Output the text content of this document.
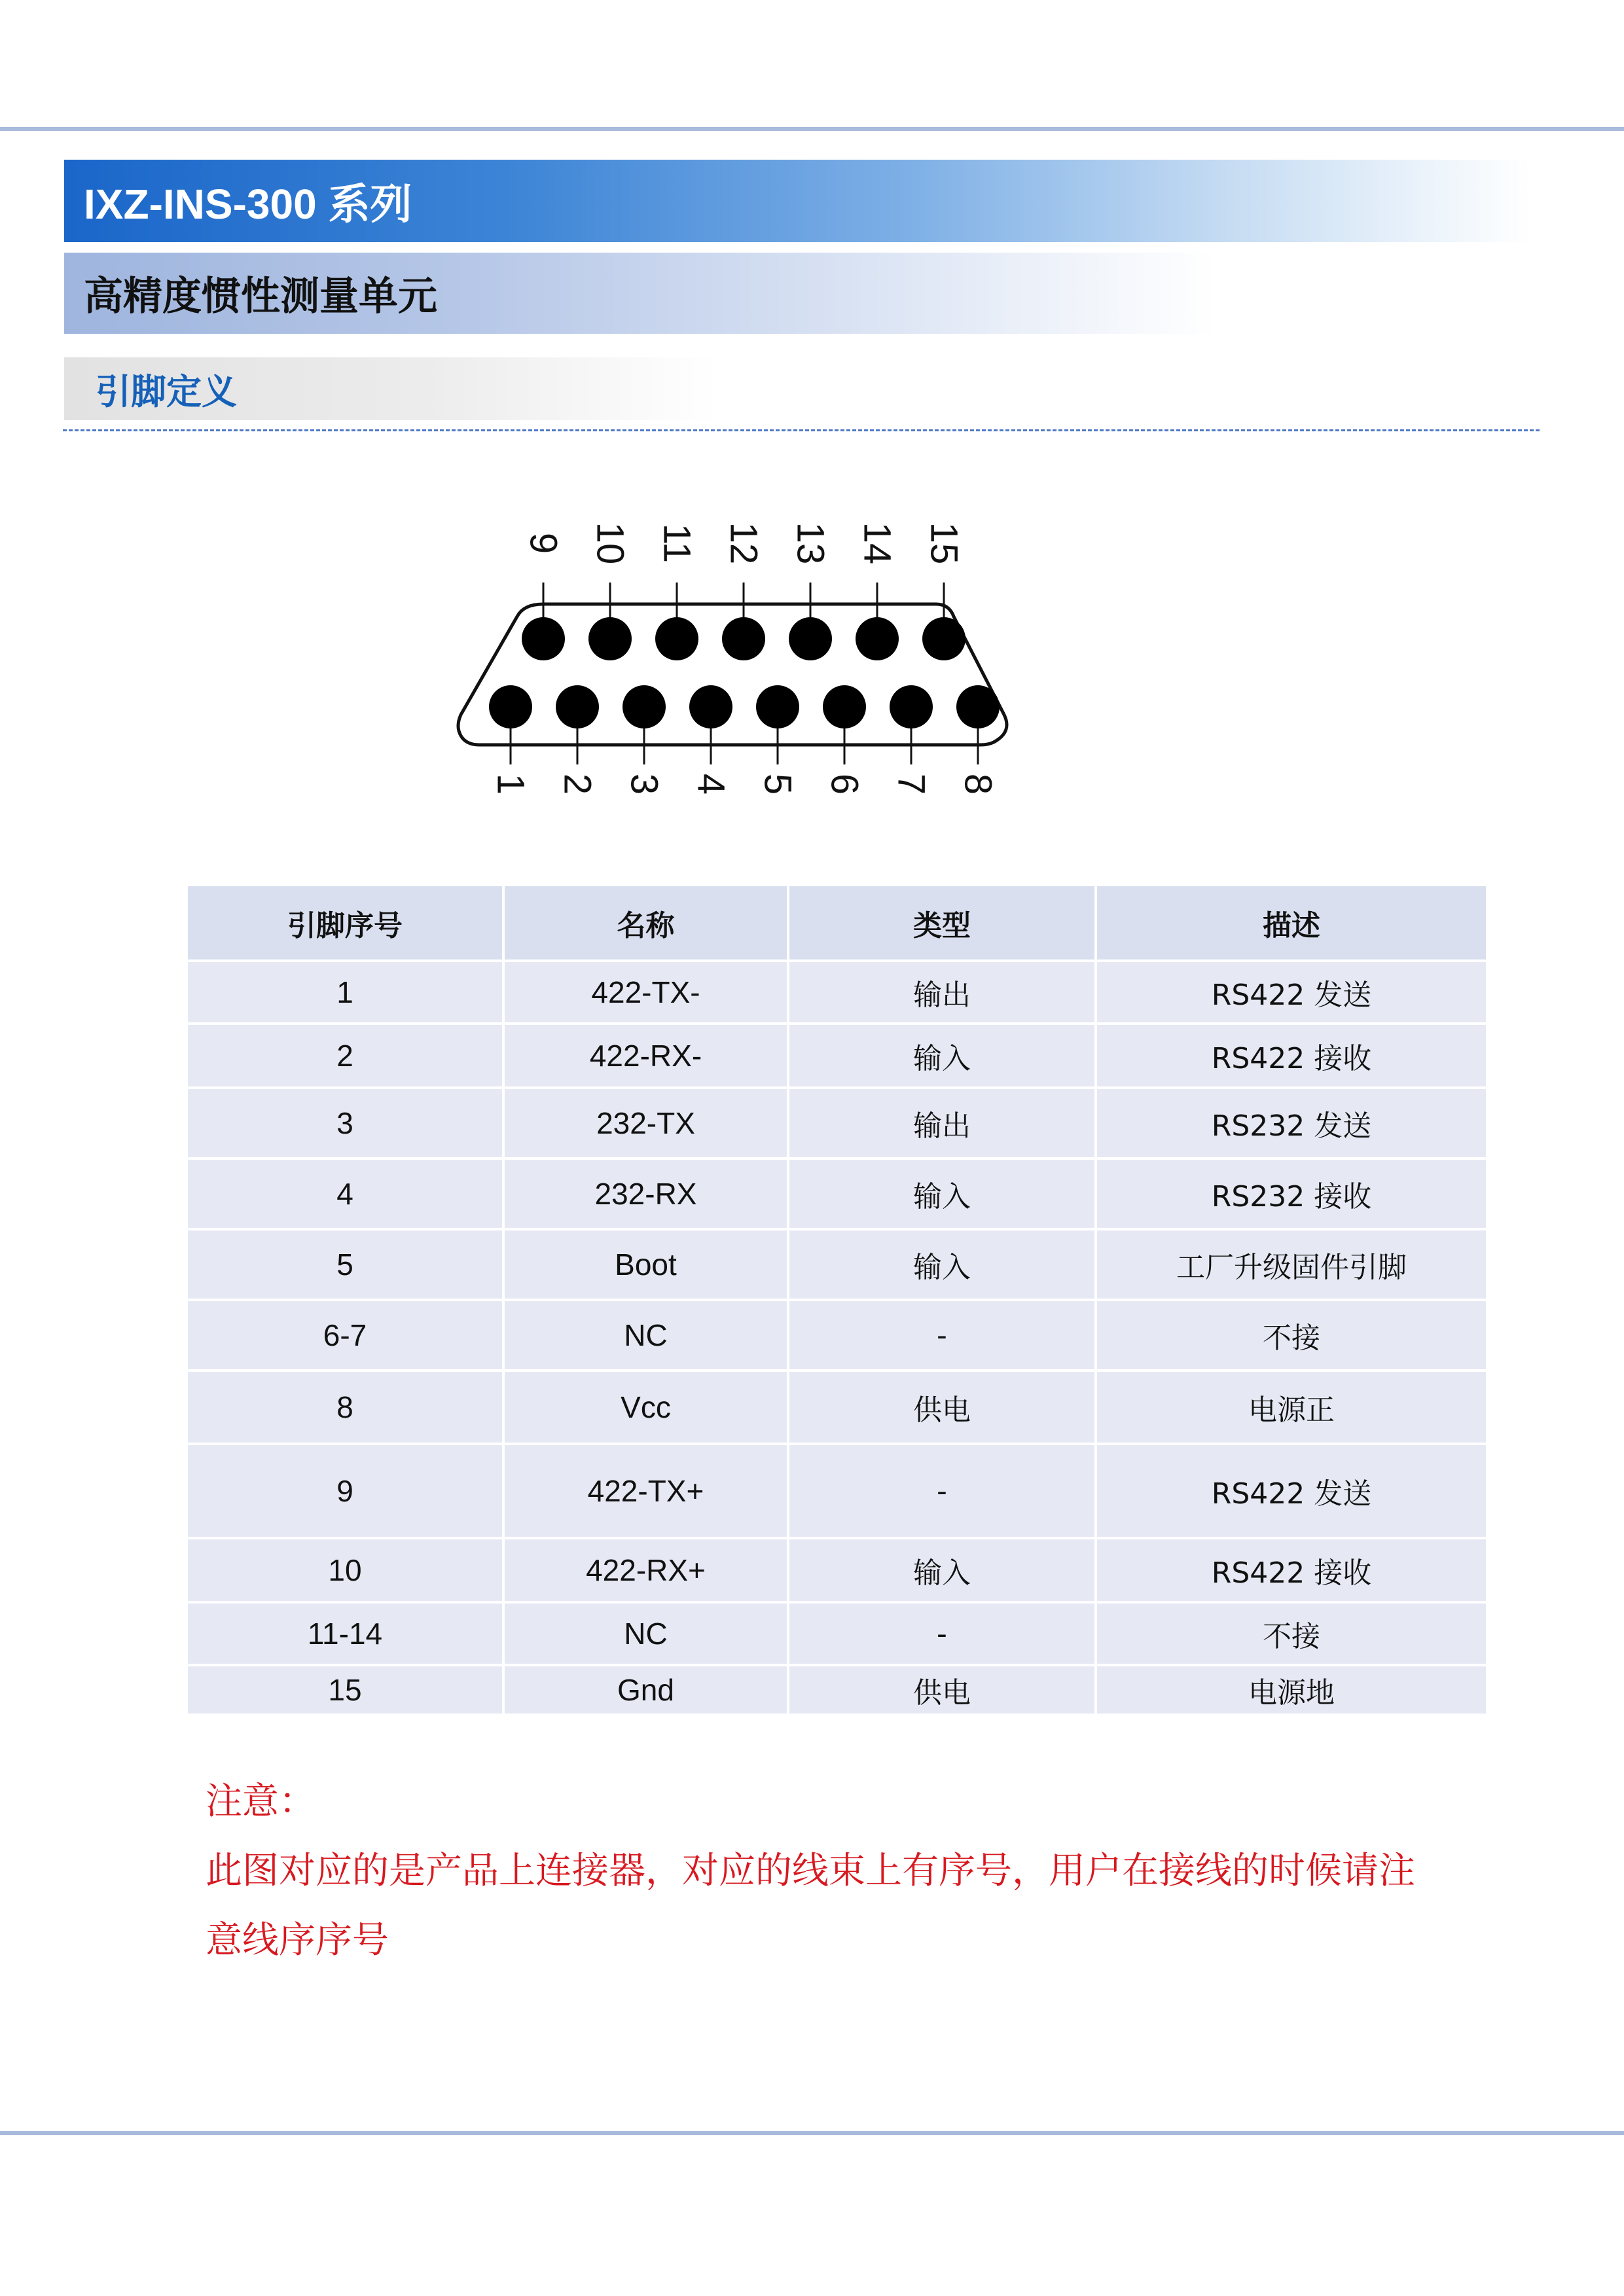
IXZ-INS-300 系列
高精度惯性测量单元
引脚定义
9 10 11 12 13 14 15
1 2 3 4 5 6 7 8
引脚序号	名称	类型	描述
1	422-TX-	输出	RS422 发送
2	422-RX-	输入	RS422 接收
3	232-TX	输出	RS232 发送
4	232-RX	输入	RS232 接收
5	Boot	输入	工厂升级固件引脚
6-7	NC	-	不接
8	Vcc	供电	电源正
9	422-TX+	-	RS422 发送
10	422-RX+	输入	RS422 接收
11-14	NC	-	不接
15	Gnd	供电	电源地

注意：

此图对应的是产品上连接器，对应的线束上有序号，用户在接线的时候请注

意线序序号
